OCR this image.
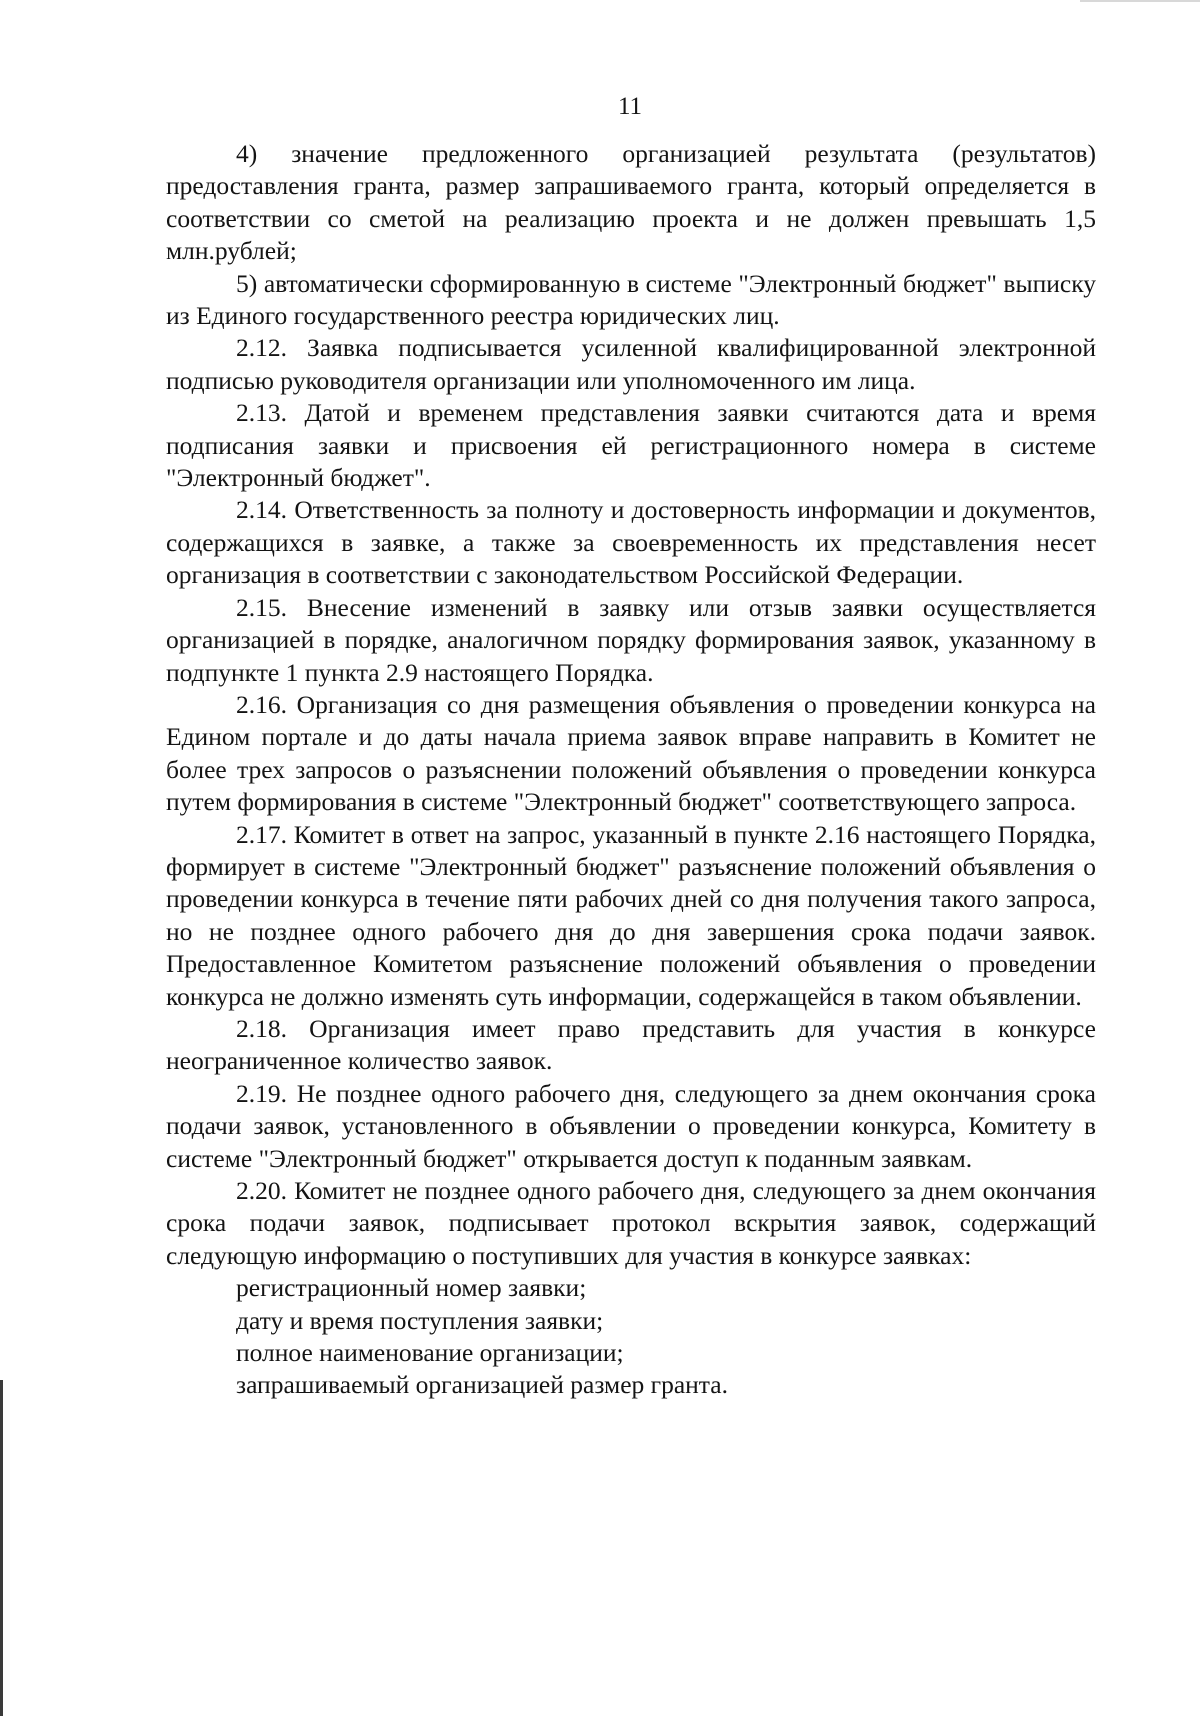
11

4) значение предложенного организацией результата (результатов) предоставления гранта, размер запрашиваемого гранта, который определяется в соответствии со сметой на реализацию проекта и не должен превышать 1,5 млн.рублей;

5) автоматически сформированную в системе "Электронный бюджет" выписку из Единого государственного реестра юридических лиц.

2.12. Заявка подписывается усиленной квалифицированной электронной подписью руководителя организации или уполномоченного им лица.

2.13. Датой и временем представления заявки считаются дата и время подписания заявки и присвоения ей регистрационного номера в системе "Электронный бюджет".

2.14. Ответственность за полноту и достоверность информации и документов, содержащихся в заявке, а также за своевременность их представления несет организация в соответствии с законодательством Российской Федерации.

2.15. Внесение изменений в заявку или отзыв заявки осуществляется организацией в порядке, аналогичном порядку формирования заявок, указанному в подпункте 1 пункта 2.9 настоящего Порядка.

2.16. Организация со дня размещения объявления о проведении конкурса на Едином портале и до даты начала приема заявок вправе направить в Комитет не более трех запросов о разъяснении положений объявления о проведении конкурса путем формирования в системе "Электронный бюджет" соответствующего запроса.

2.17. Комитет в ответ на запрос, указанный в пункте 2.16 настоящего Порядка, формирует в системе "Электронный бюджет" разъяснение положений объявления о проведении конкурса в течение пяти рабочих дней со дня получения такого запроса, но не позднее одного рабочего дня до дня завершения срока подачи заявок. Предоставленное Комитетом разъяснение положений объявления о проведении конкурса не должно изменять суть информации, содержащейся в таком объявлении.

2.18. Организация имеет право представить для участия в конкурсе неограниченное количество заявок.

2.19. Не позднее одного рабочего дня, следующего за днем окончания срока подачи заявок, установленного в объявлении о проведении конкурса, Комитету в системе "Электронный бюджет" открывается доступ к поданным заявкам.

2.20. Комитет не позднее одного рабочего дня, следующего за днем окончания срока подачи заявок, подписывает протокол вскрытия заявок, содержащий следующую информацию о поступивших для участия в конкурсе заявках:

регистрационный номер заявки;

дату и время поступления заявки;

полное наименование организации;

запрашиваемый организацией размер гранта.
